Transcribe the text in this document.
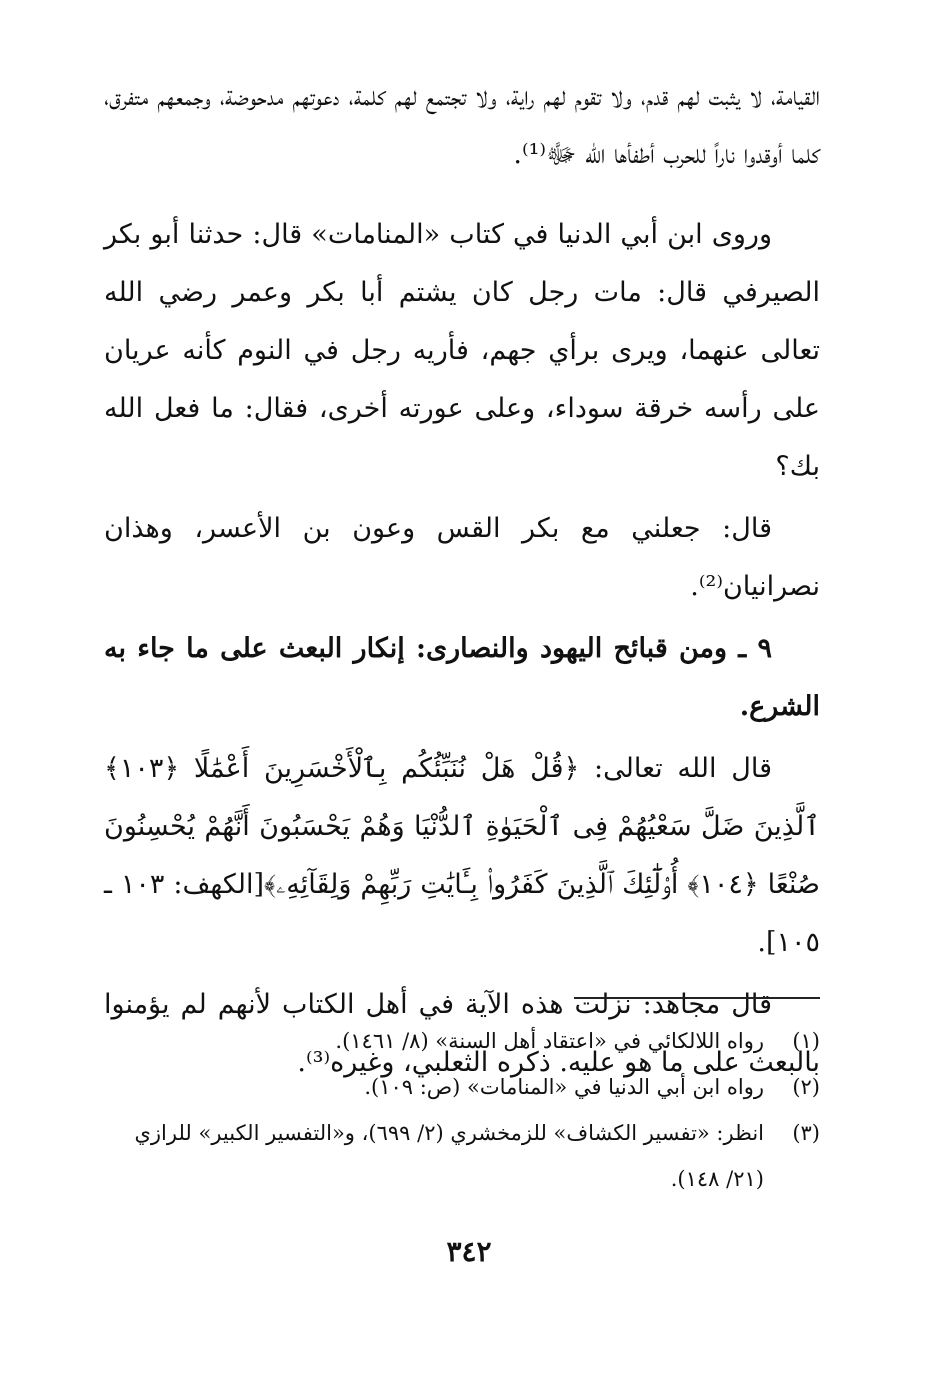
القيامة، لا يثبت لهم قدم، ولا تقوم لهم راية، ولا تجتمع لهم كلمة، دعوتهم مدحوضة، وجمعهم متفرق، كلما أوقدوا ناراً للحرب أطفأها الله ﷻ⁽¹⁾.

وروى ابن أبي الدنيا في كتاب «المنامات» قال: حدثنا أبو بكر الصيرفي قال: مات رجل كان يشتم أبا بكر وعمر رضي الله تعالى عنهما، ويرى برأي جهم، فأريه رجل في النوم كأنه عريان على رأسه خرقة سوداء، وعلى عورته أخرى، فقال: ما فعل الله بك؟

قال: جعلني مع بكر القس وعون بن الأعسر، وهذان نصرانيان⁽²⁾.

٩ ـ ومن قبائح اليهود والنصارى: إنكار البعث على ما جاء به الشرع.

قال الله تعالى: ﴿قُلْ هَلْ نُنَبِّئُكُم بِٱلْأَخْسَرِينَ أَعْمَٰلًا ﴿١٠٣﴾ ٱلَّذِينَ ضَلَّ سَعْيُهُمْ فِى ٱلْحَيَوٰةِ ٱلدُّنْيَا وَهُمْ يَحْسَبُونَ أَنَّهُمْ يُحْسِنُونَ صُنْعًا ﴿١٠٤﴾ أُو۟لَٰٓئِكَ ٱلَّذِينَ كَفَرُوا۟ بِـَٔايَٰتِ رَبِّهِمْ وَلِقَآئِهِۦ﴾[الكهف: ١٠٣ ـ ١٠٥].

قال مجاهد: نزلت هذه الآية في أهل الكتاب لأنهم لم يؤمنوا بالبعث على ما هو عليه. ذكره الثعلبي، وغيره⁽³⁾.

(١)
رواه اللالكائي في «اعتقاد أهل السنة» (٨/ ١٤٦١).
(٢)
رواه ابن أبي الدنيا في «المنامات» (ص: ١٠٩).
(٣)
انظر: «تفسير الكشاف» للزمخشري (٢/ ٦٩٩)، و«التفسير الكبير» للرازي (٢١/ ١٤٨).
٣٤٢
